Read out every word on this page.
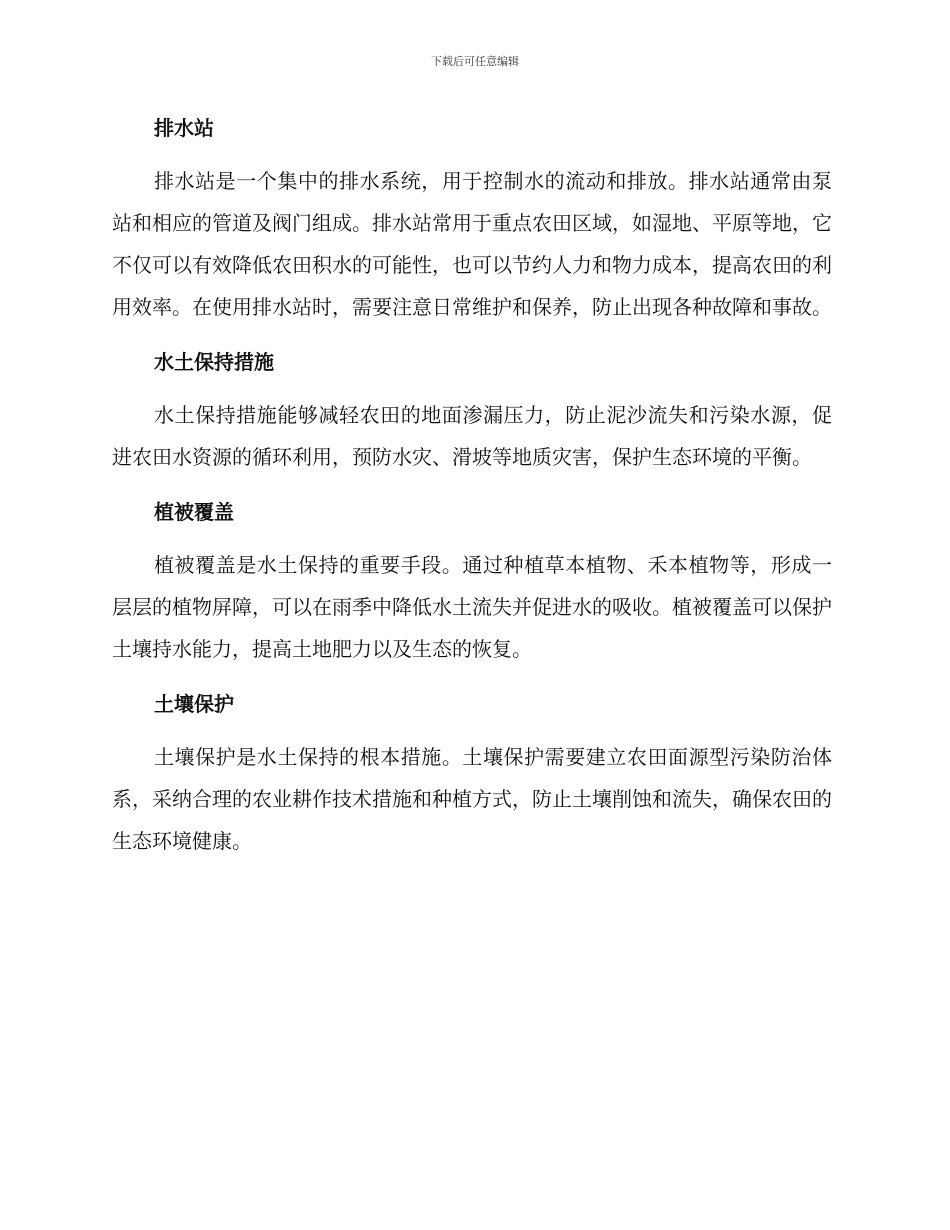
下载后可任意编辑
排水站

排水站是一个集中的排水系统，用于控制水的流动和排放。排水站通常由泵站和相应的管道及阀门组成。排水站常用于重点农田区域，如湿地、平原等地，它不仅可以有效降低农田积水的可能性，也可以节约人力和物力成本，提高农田的利用效率。在使用排水站时，需要注意日常维护和保养，防止出现各种故障和事故。

水土保持措施

水土保持措施能够减轻农田的地面渗漏压力，防止泥沙流失和污染水源，促进农田水资源的循环利用，预防水灾、滑坡等地质灾害，保护生态环境的平衡。

植被覆盖

植被覆盖是水土保持的重要手段。通过种植草本植物、禾本植物等，形成一层层的植物屏障，可以在雨季中降低水土流失并促进水的吸收。植被覆盖可以保护土壤持水能力，提高土地肥力以及生态的恢复。

土壤保护

土壤保护是水土保持的根本措施。土壤保护需要建立农田面源型污染防治体系，采纳合理的农业耕作技术措施和种植方式，防止土壤削蚀和流失，确保农田的生态环境健康。
